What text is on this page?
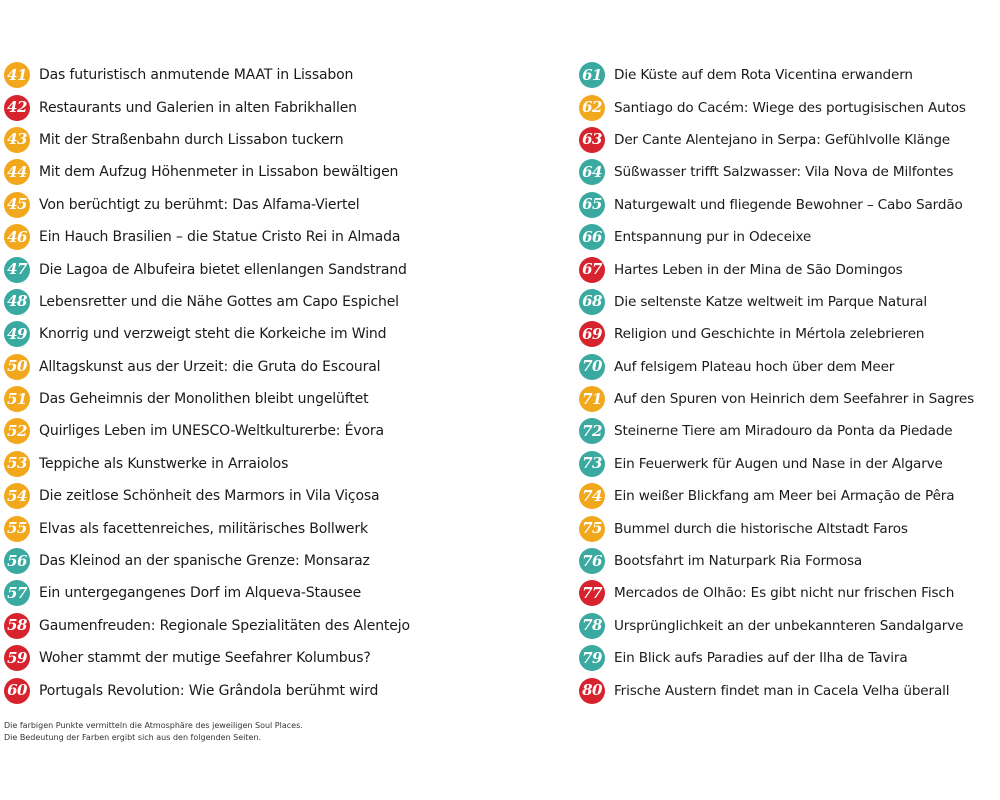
41 Das futuristisch anmutende MAAT in Lissabon
42 Restaurants und Galerien in alten Fabrikhallen
43 Mit der Straßenbahn durch Lissabon tuckern
44 Mit dem Aufzug Höhenmeter in Lissabon bewältigen
45 Von berüchtigt zu berühmt: Das Alfama-Viertel
46 Ein Hauch Brasilien – die Statue Cristo Rei in Almada
47 Die Lagoa de Albufeira bietet ellenlangen Sandstrand
48 Lebensretter und die Nähe Gottes am Capo Espichel
49 Knorrig und verzweigt steht die Korkeiche im Wind
50 Alltagskunst aus der Urzeit: die Gruta do Escoural
51 Das Geheimnis der Monolithen bleibt ungelüftet
52 Quirliges Leben im UNESCO-Weltkulturerbe: Évora
53 Teppiche als Kunstwerke in Arraiolos
54 Die zeitlose Schönheit des Marmors in Vila Viçosa
55 Elvas als facettenreiches, militärisches Bollwerk
56 Das Kleinod an der spanische Grenze: Monsaraz
57 Ein untergegangenes Dorf im Alqueva-Stausee
58 Gaumenfreuden: Regionale Spezialitäten des Alentejo
59 Woher stammt der mutige Seefahrer Kolumbus?
60 Portugals Revolution: Wie Grândola berühmt wird
61 Die Küste auf dem Rota Vicentina erwandern
62 Santiago do Cacém: Wiege des portugisischen Autos
63 Der Cante Alentejano in Serpa: Gefühlvolle Klänge
64 Süßwasser trifft Salzwasser: Vila Nova de Milfontes
65 Naturgewalt und fliegende Bewohner – Cabo Sardão
66 Entspannung pur in Odeceixe
67 Hartes Leben in der Mina de São Domingos
68 Die seltenste Katze weltweit im Parque Natural
69 Religion und Geschichte in Mértola zelebrieren
70 Auf felsigem Plateau hoch über dem Meer
71 Auf den Spuren von Heinrich dem Seefahrer in Sagres
72 Steinerne Tiere am Miradouro da Ponta da Piedade
73 Ein Feuerwerk für Augen und Nase in der Algarve
74 Ein weißer Blickfang am Meer bei Armação de Pêra
75 Bummel durch die historische Altstadt Faros
76 Bootsfahrt im Naturpark Ria Formosa
77 Mercados de Olhão: Es gibt nicht nur frischen Fisch
78 Ursprünglichkeit an der unbekannteren Sandalgarve
79 Ein Blick aufs Paradies auf der Ilha de Tavira
80 Frische Austern findet man in Cacela Velha überall

Die farbigen Punkte vermitteln die Atmosphäre des jeweiligen Soul Places.

Die Bedeutung der Farben ergibt sich aus den folgenden Seiten.
